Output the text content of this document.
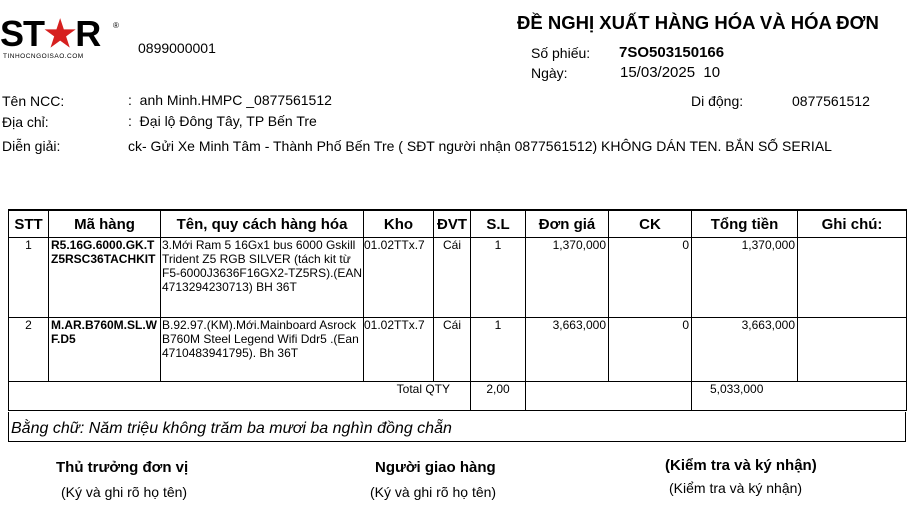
ST★R
TINHOCNGOISAO.COM
®
0899000001
ĐỀ NGHỊ XUẤT HÀNG HÓA VÀ HÓA ĐƠN
Số phiếu: 7SO503150166
Ngày:	15/03/2025  10
Tên NCC:	:  anh Minh.HMPC _0877561512	Di động:	0877561512
Địa chỉ:	:  Đại lộ Đông Tây, TP Bến Tre
Diễn giải:	ck- Gửi Xe Minh Tâm - Thành Phố Bến Tre ( SĐT người nhận 0877561512) KHÔNG DÁN TEN. BẮN SỐ SERIAL
STT	Mã hàng	Tên, quy cách hàng hóa	Kho	ĐVT	S.L	Đơn giá	CK	Tổng tiền	Ghi chú:
1	R5.16G.6000.GK.TZ5RSC36TACHKIT	3.Mới Ram 5 16Gx1 bus 6000 Gskill Trident Z5 RGB SILVER (tách kit từ F5-6000J3636F16GX2-TZ5RS).(EAN 4713294230713) BH 36T	01.02TTx.7	Cái	1	1,370,000	0	1,370,000	
2	M.AR.B760M.SL.WF.D5	B.92.97.(KM).Mới.Mainboard Asrock B760M Steel Legend Wifi Ddr5 .(Ean 4710483941795). Bh 36T	01.02TTx.7	Cái	1	3,663,000	0	3,663,000	
Total QTY					2,00			5,033,000	
Bằng chữ: Năm triệu không trăm ba mươi ba nghìn đồng chẵn
Thủ trưởng đơn vị
(Ký và ghi rõ họ tên)
Người giao hàng
(Ký và ghi rõ họ tên)
(Kiểm tra và ký nhận)
(Kiểm tra và ký nhận)
